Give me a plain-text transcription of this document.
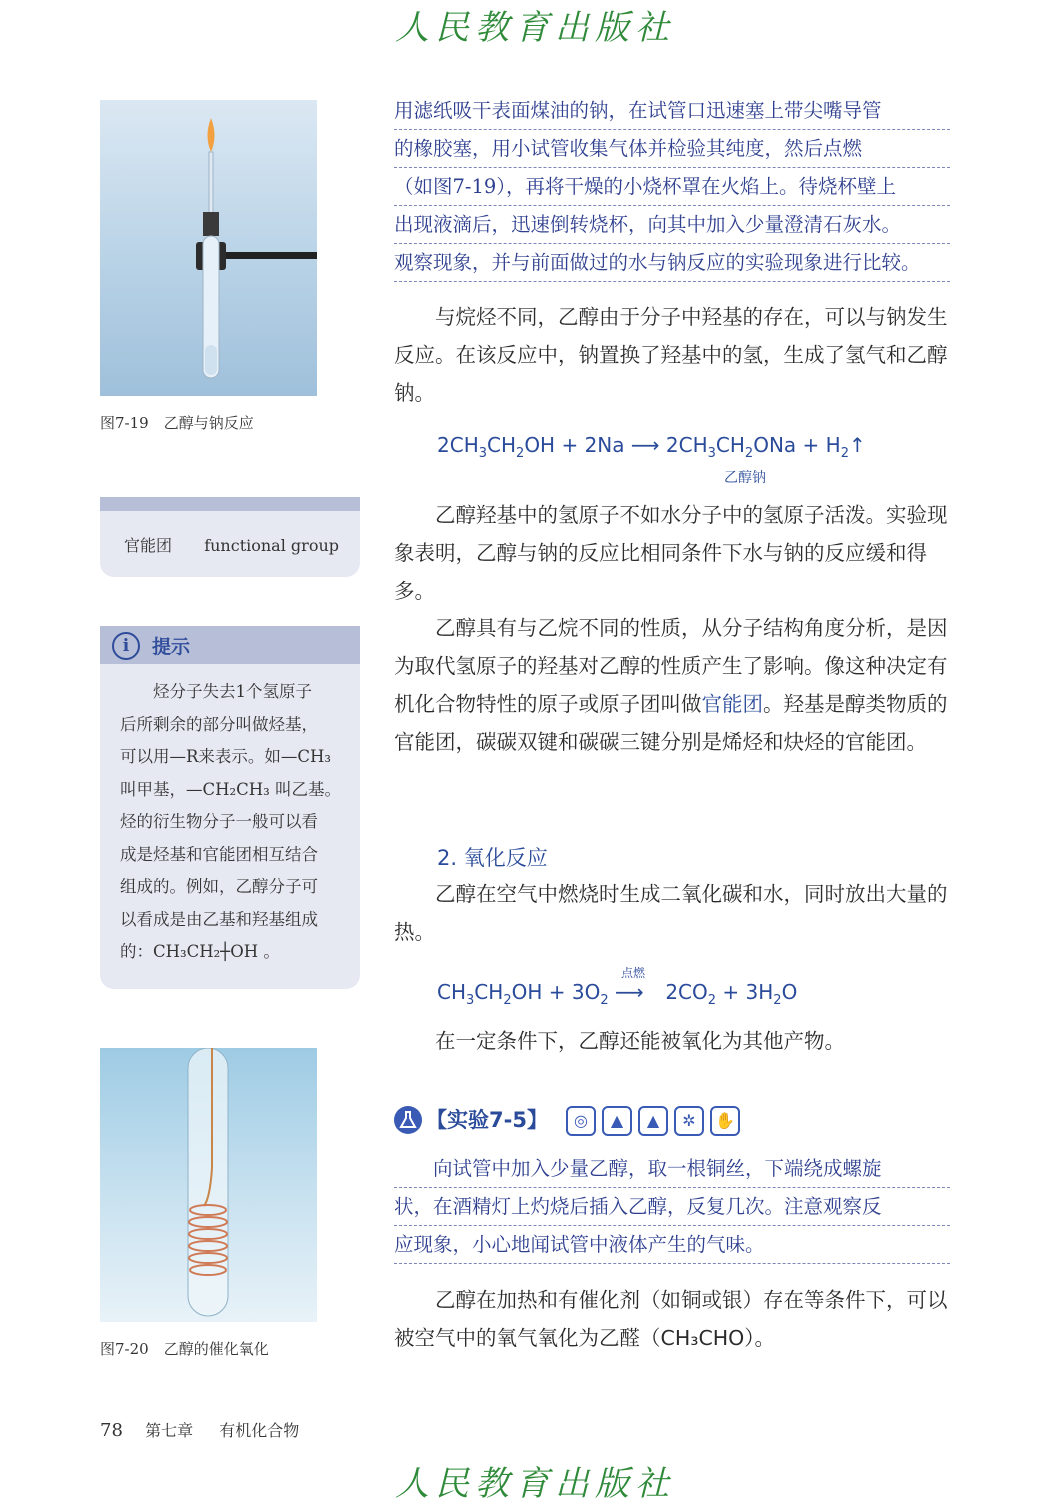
人民教育出版社
人民教育出版社
图7-19　乙醇与钠反应
官能团 functional group
i	提示
烃分子失去1个氢原子
后所剩余的部分叫做烃基，
可以用—R来表示。如—CH₃
叫甲基，—CH₂CH₃ 叫乙基。
烃的衍生物分子一般可以看
成是烃基和官能团相互结合
组成的。例如，乙醇分子可
以看成是由乙基和羟基组成
的：CH₃CH₂┼OH 。
图7-20　乙醇的催化氧化
用滤纸吸干表面煤油的钠，在试管口迅速塞上带尖嘴导管
的橡胶塞，用小试管收集气体并检验其纯度，然后点燃
（如图7-19），再将干燥的小烧杯罩在火焰上。待烧杯壁上
出现液滴后，迅速倒转烧杯，向其中加入少量澄清石灰水。
观察现象，并与前面做过的水与钠反应的实验现象进行比较。

与烷烃不同，乙醇由于分子中羟基的存在，可以与钠发生反应。在该反应中，钠置换了羟基中的氢，生成了氢气和乙醇钠。

$2CH_3CH_2OH + 2Na$ ⟶ $2CH_3CH_2ONa$ + $H_2↑$
乙醇钠

乙醇羟基中的氢原子不如水分子中的氢原子活泼。实验现象表明，乙醇与钠的反应比相同条件下水与钠的反应缓和得多。

乙醇具有与乙烷不同的性质，从分子结构角度分析，是因为取代氢原子的羟基对乙醇的性质产生了影响。像这种决定有机化合物特性的原子或原子团叫做官能团。羟基是醇类物质的官能团，碳碳双键和碳碳三键分别是烯烃和炔烃的官能团。

2. 氧化反应

乙醇在空气中燃烧时生成二氧化碳和水，同时放出大量的热。

$CH_3CH_2OH + 3O_2$
点燃
⟶ $2CO_2 + 3H_2O$

在一定条件下，乙醇还能被氧化为其他产物。

【实验7-5】	◎	▲	▲	✲	✋
向试管中加入少量乙醇，取一根铜丝，下端绕成螺旋
状，在酒精灯上灼烧后插入乙醇，反复几次。注意观察反
应现象，小心地闻试管中液体产生的气味。

乙醇在加热和有催化剂（如铜或银）存在等条件下，可以被空气中的氧气氧化为乙醛（CH₃CHO）。

78 第七章 有机化合物
